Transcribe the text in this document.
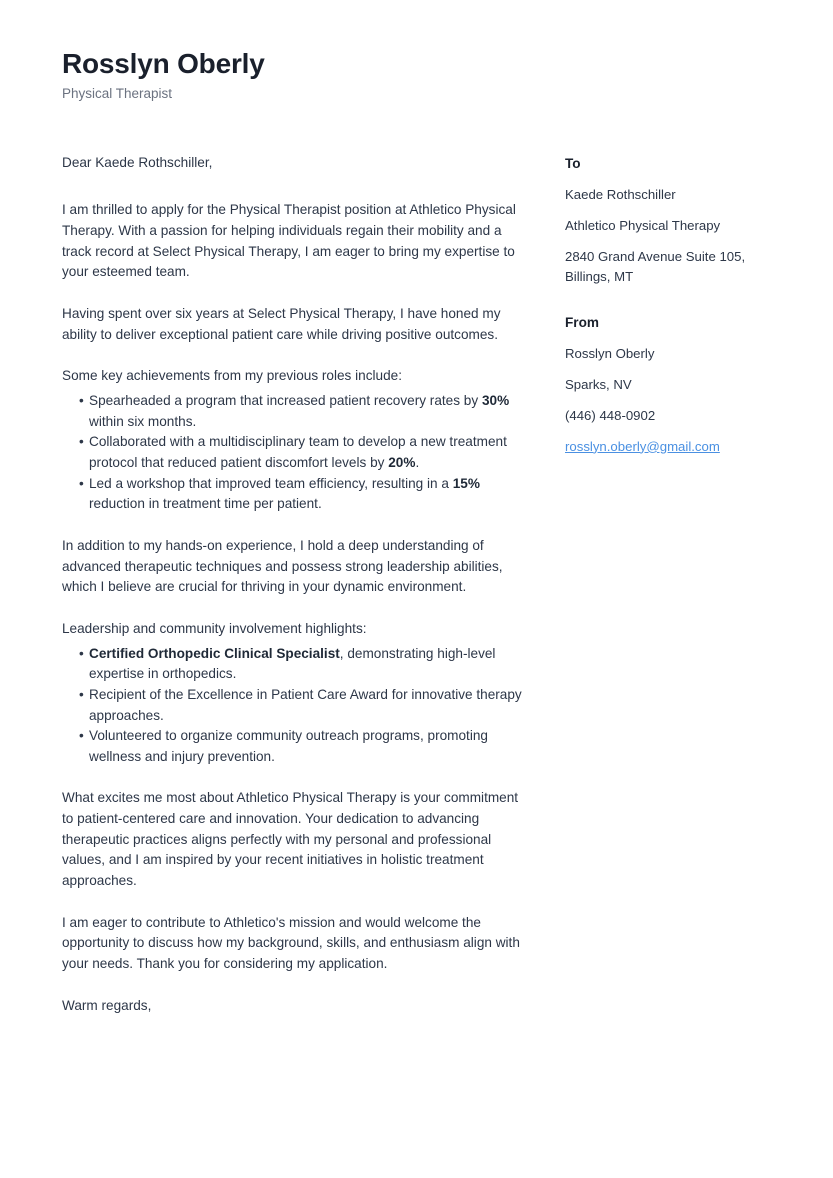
Rosslyn Oberly
Physical Therapist
Dear Kaede Rothschiller,

I am thrilled to apply for the Physical Therapist position at Athletico Physical Therapy. With a passion for helping individuals regain their mobility and a track record at Select Physical Therapy, I am eager to bring my expertise to your esteemed team.

Having spent over six years at Select Physical Therapy, I have honed my ability to deliver exceptional patient care while driving positive outcomes.

Some key achievements from my previous roles include:

• Spearheaded a program that increased patient recovery rates by 30% within six months.
• Collaborated with a multidisciplinary team to develop a new treatment protocol that reduced patient discomfort levels by 20%.
• Led a workshop that improved team efficiency, resulting in a 15% reduction in treatment time per patient.

In addition to my hands-on experience, I hold a deep understanding of advanced therapeutic techniques and possess strong leadership abilities, which I believe are crucial for thriving in your dynamic environment.

Leadership and community involvement highlights:

• Certified Orthopedic Clinical Specialist, demonstrating high-level expertise in orthopedics.
• Recipient of the Excellence in Patient Care Award for innovative therapy approaches.
• Volunteered to organize community outreach programs, promoting wellness and injury prevention.

What excites me most about Athletico Physical Therapy is your commitment to patient-centered care and innovation. Your dedication to advancing therapeutic practices aligns perfectly with my personal and professional values, and I am inspired by your recent initiatives in holistic treatment approaches.

I am eager to contribute to Athletico's mission and would welcome the opportunity to discuss how my background, skills, and enthusiasm align with your needs. Thank you for considering my application.

Warm regards,
To
Kaede Rothschiller
Athletico Physical Therapy
2840 Grand Avenue Suite 105, Billings, MT
From
Rosslyn Oberly
Sparks, NV
(446) 448-0902
rosslyn.oberly@gmail.com
